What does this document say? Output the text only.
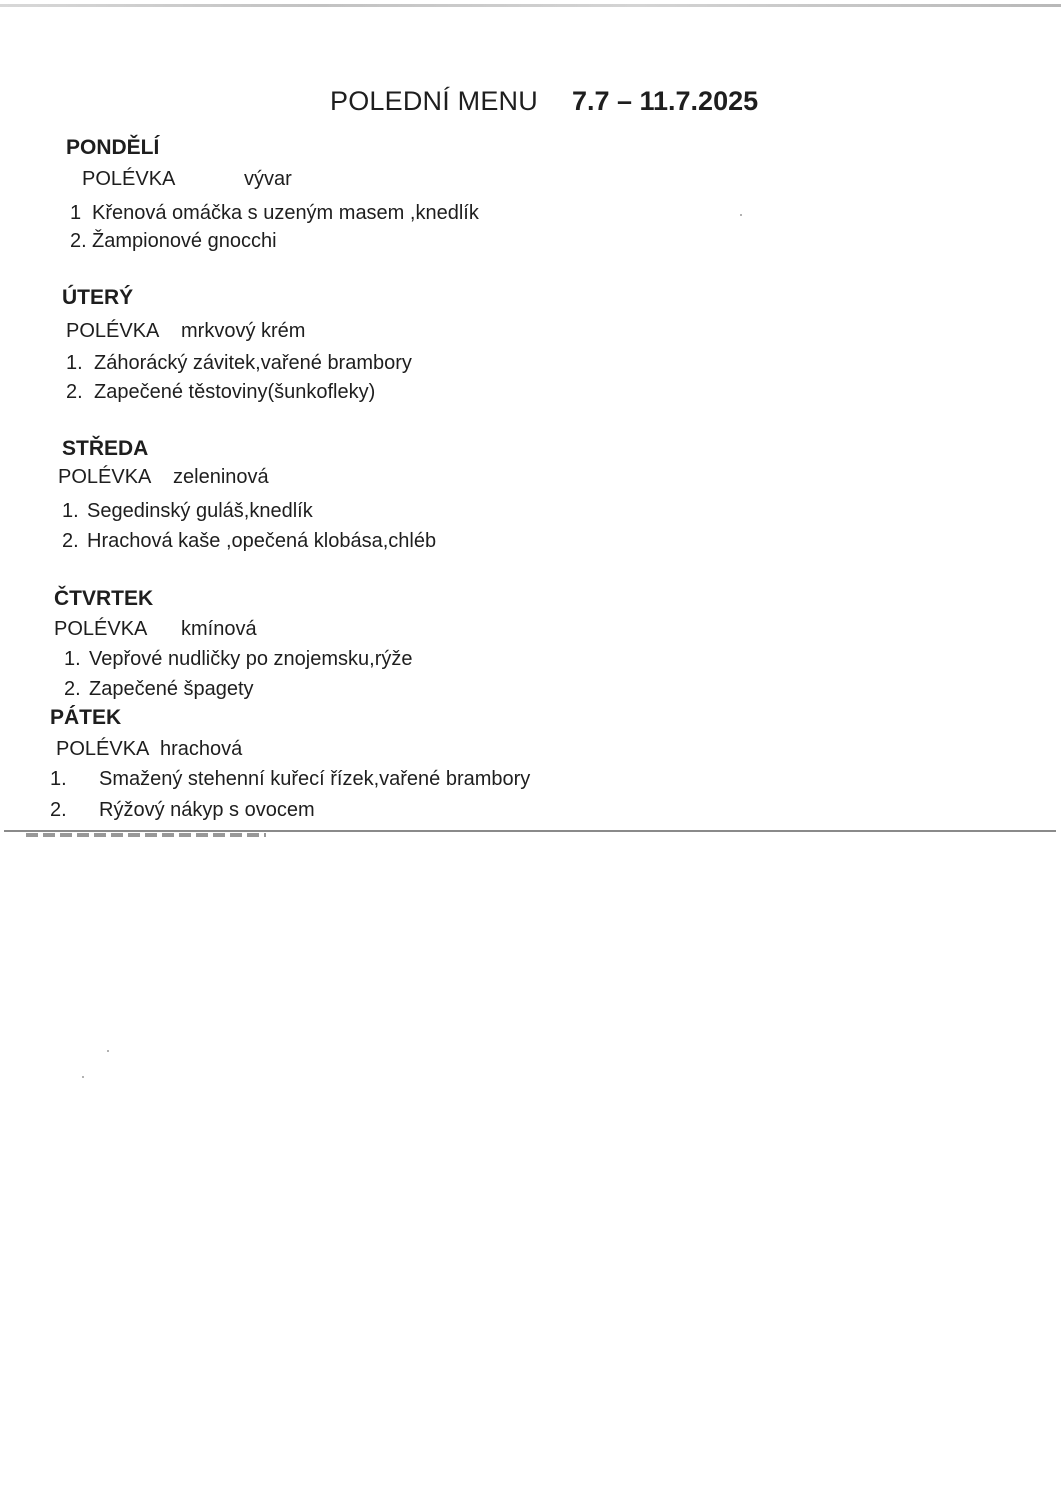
POLEDNÍ MENU 7.7 – 11.7.2025
PONDĚLÍ
POLÉVKA	vývar
1 Křenová omáčka s uzeným masem ,knedlík
2. Žampionové gnocchi
ÚTERÝ
POLÉVKA mrkvový krém
1. Záhorácký závitek,vařené brambory
2. Zapečené těstoviny(šunkofleky)
STŘEDA
POLÉVKA zeleninová
1. Segedinský guláš,knedlík
2. Hrachová kaše ,opečená klobása,chléb
ČTVRTEK
POLÉVKA kmínová
1. Vepřové nudličky po znojemsku,rýže
2. Zapečené špagety
PÁTEK
POLÉVKA hrachová
1. Smažený stehenní kuřecí řízek,vařené brambory
2. Rýžový nákyp s ovocem
